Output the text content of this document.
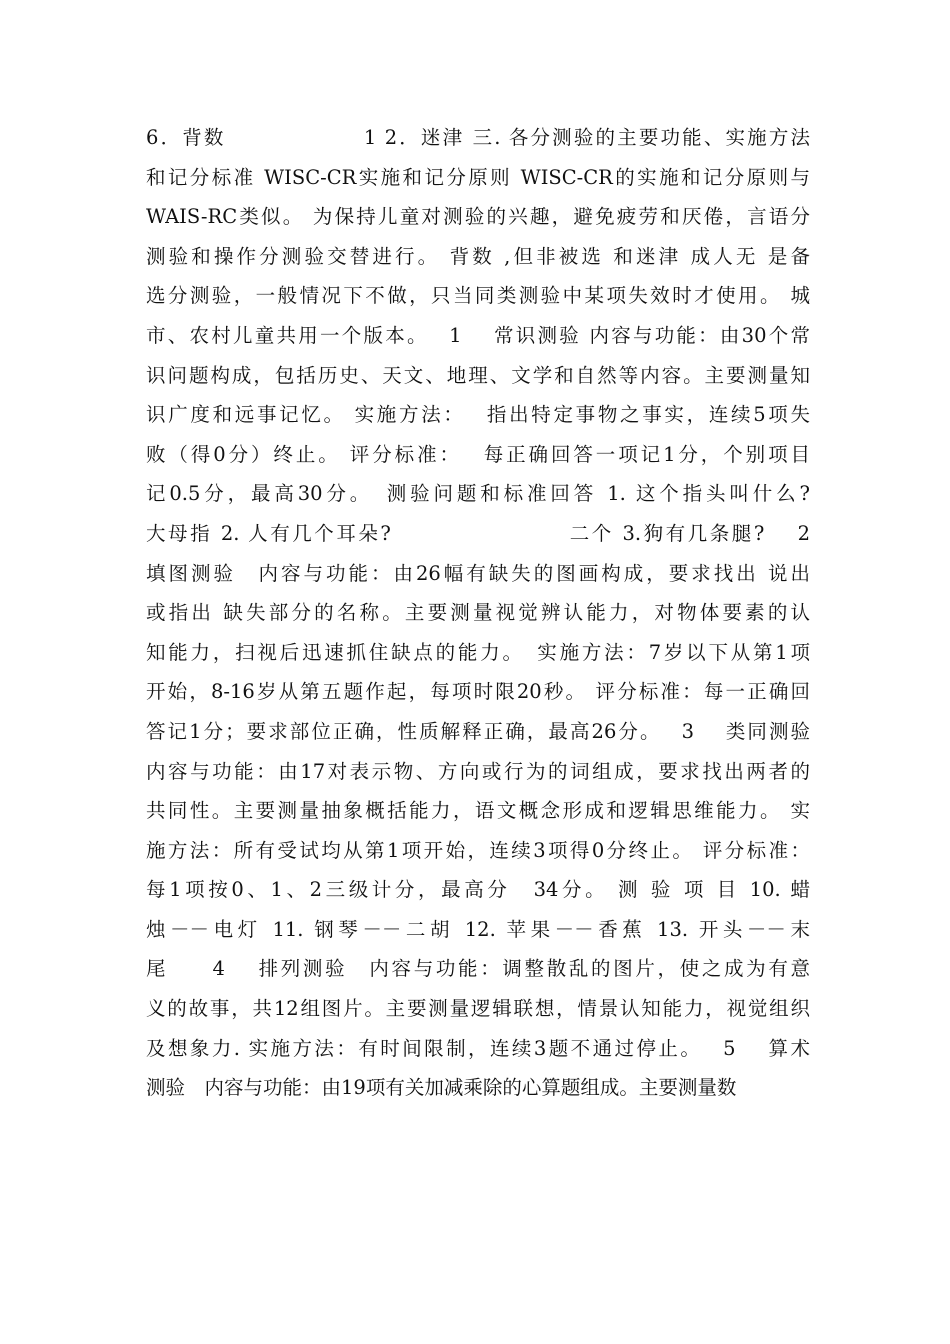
6．背数　　　　　　 1 2．迷津 三. 各分测验的主要功能、实施方法
和记分标准 WISC-CR实施和记分原则 WISC-CR的实施和记分原则与
WAIS-RC类似。 为保持儿童对测验的兴趣，避免疲劳和厌倦，言语分
测验和操作分测验交替进行。 背数 ,但非被选 和迷津 成人无 是备
选分测验，一般情况下不做，只当同类测验中某项失效时才使用。 城
市、农村儿童共用一个版本。　 1　 常识测验 内容与功能：由30个常
识问题构成，包括历史、天文、地理、文学和自然等内容。主要测量知
识广度和远事记忆。 实施方法：　 指出特定事物之事实，连续5项失
败（得0分）终止。 评分标准：　 每正确回答一项记1分，个别项目
记0.5分，最高30分。　测验问题和标准回答 1. 这个指头叫什么?
大母指 2. 人有几个耳朵?　　　　　　　　二个 3.狗有几条腿?　 2
填图测验　内容与功能：由26幅有缺失的图画构成，要求找出 说出
或指出 缺失部分的名称。主要测量视觉辨认能力，对物体要素的认
知能力，扫视后迅速抓住缺点的能力。　实施方法：7岁以下从第1项
开始，8-16岁从第五题作起，每项时限20秒。 评分标准：每一正确回
答记1分；要求部位正确，性质解释正确，最高26分。　 3　 类同测验
内容与功能：由17对表示物、方向或行为的词组成，要求找出两者的
共同性。主要测量抽象概括能力，语文概念形成和逻辑思维能力。 实
施方法：所有受试均从第1项开始，连续3项得0分终止。 评分标准：
每1项按0、1、2三级计分，最高分　34分。 测 验 项 目 10. 蜡
烛－－电灯 11. 钢琴－－二胡 12. 苹果－－香蕉 13. 开头－－末
尾　　4　 排列测验　内容与功能：调整散乱的图片，使之成为有意
义的故事，共12组图片。主要测量逻辑联想，情景认知能力，视觉组织
及想象力. 实施方法：有时间限制，连续3题不通过停止。　 5　 算术
测验　内容与功能：由19项有关加减乘除的心算题组成。主要测量数
